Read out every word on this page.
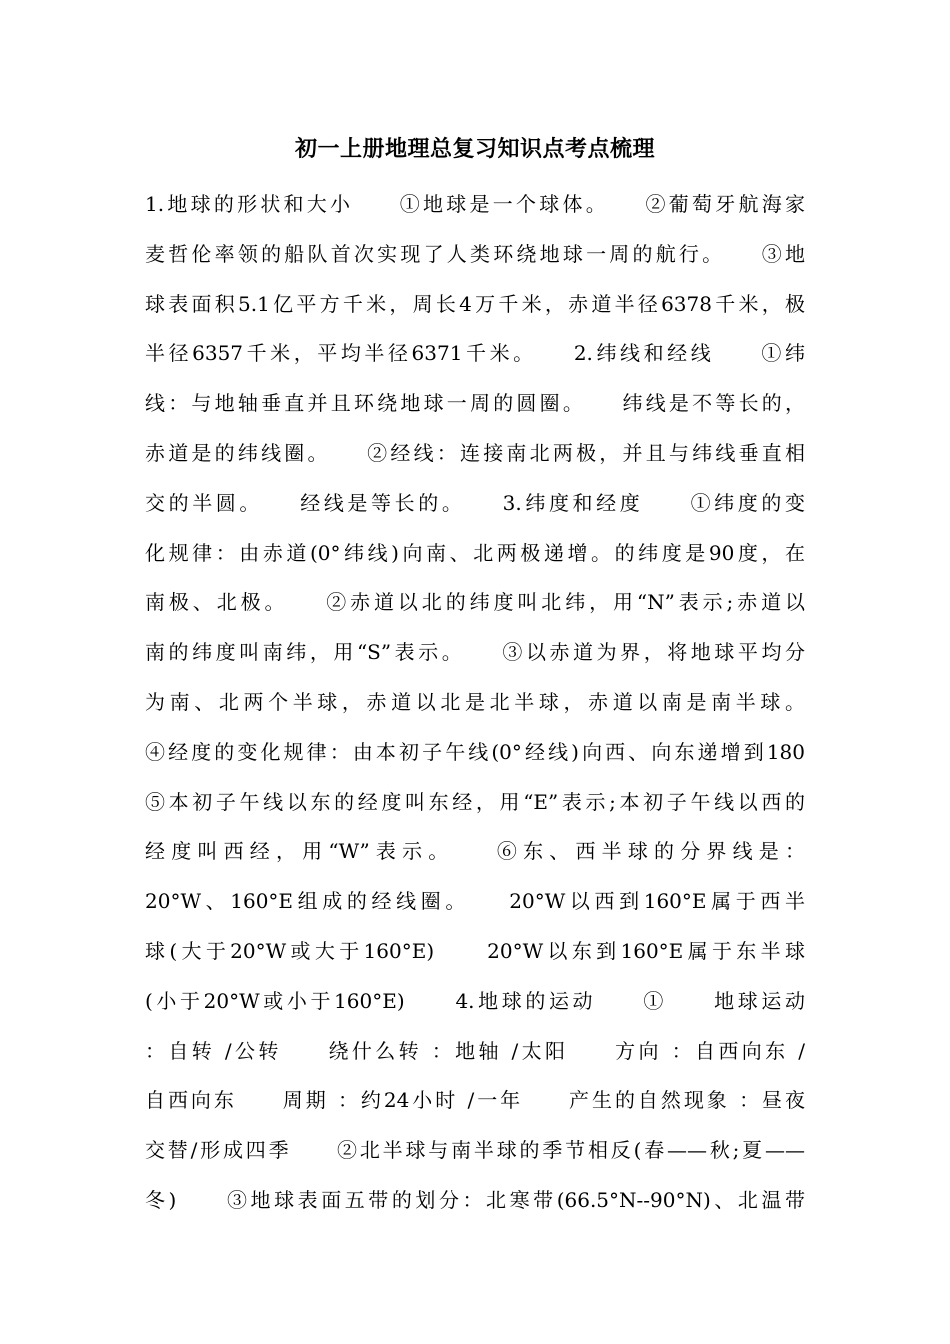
初一上册地理总复习知识点考点梳理
1.地球的形状和大小　　①地球是一个球体。　　②葡萄牙航海家
麦哲伦率领的船队首次实现了人类环绕地球一周的航行。　　③地
球表面积5.1亿平方千米，周长4万千米，赤道半径6378千米，极
半径6357千米，平均半径6371千米。　　2.纬线和经线　　①纬
线：与地轴垂直并且环绕地球一周的圆圈。　　纬线是不等长的，
赤道是的纬线圈。　　②经线：连接南北两极，并且与纬线垂直相
交的半圆。　　经线是等长的。　　3.纬度和经度　　①纬度的变
化规律：由赤道(0°纬线)向南、北两极递增。的纬度是90度，在
南极、北极。　　②赤道以北的纬度叫北纬，用“N”表示;赤道以
南的纬度叫南纬，用“S”表示。　　③以赤道为界，将地球平均分
为南、北两个半球，赤道以北是北半球，赤道以南是南半球。
④经度的变化规律：由本初子午线(0°经线)向西、向东递增到180
⑤本初子午线以东的经度叫东经，用“E”表示;本初子午线以西的
经度叫西经，用“W”表示。　　⑥东、西半球的分界线是：
20°W、160°E组成的经线圈。　　20°W以西到160°E属于西半
球(大于20°W或大于160°E)　　20°W以东到160°E属于东半球
(小于20°W或小于160°E)　　4.地球的运动　　①　　地球运动
：自转 /公转　　绕什么转 ：地轴 /太阳　　方向 ：自西向东 /
自西向东　　周期 ：约24小时 /一年　　产生的自然现象 ：昼夜
交替/形成四季　　②北半球与南半球的季节相反(春——秋;夏——
冬)　　③地球表面五带的划分：北寒带(66.5°N--90°N)、北温带
